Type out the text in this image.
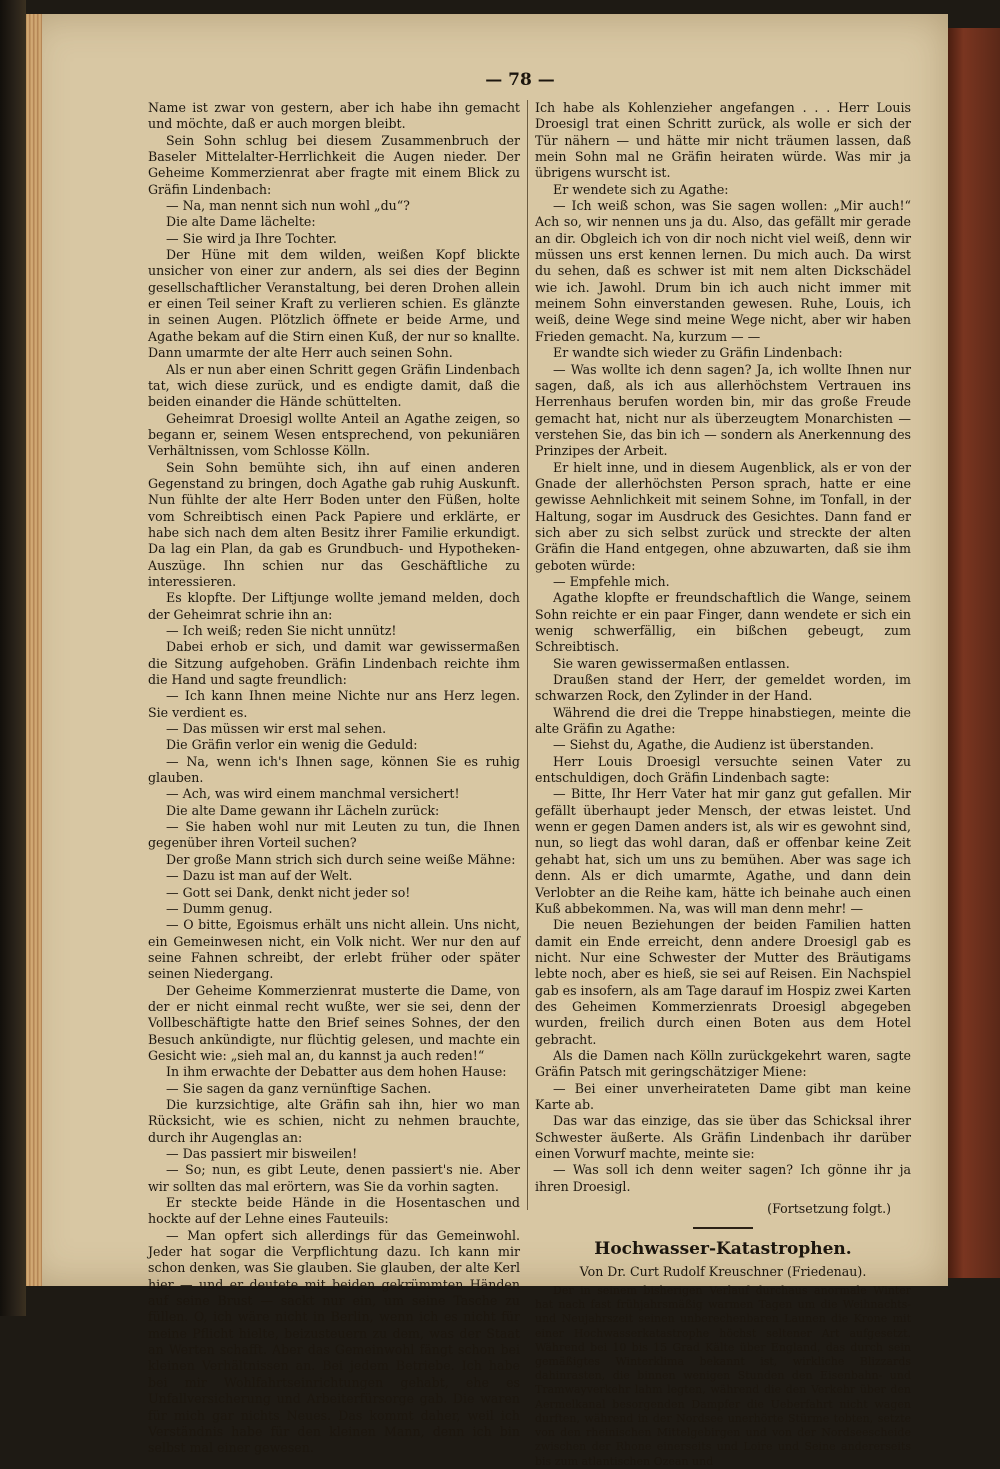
— 78 —

Name ist zwar von gestern, aber ich habe ihn gemacht und möchte, daß er auch morgen bleibt.

Sein Sohn schlug bei diesem Zusammenbruch der Baseler Mittelalter-Herrlichkeit die Augen nieder. Der Geheime Kommerzienrat aber fragte mit einem Blick zu Gräfin Lindenbach:

— Na, man nennt sich nun wohl „du“?

Die alte Dame lächelte:

— Sie wird ja Ihre Tochter.

Der Hüne mit dem wilden, weißen Kopf blickte unsicher von einer zur andern, als sei dies der Beginn gesellschaftlicher Veranstaltung, bei deren Drohen allein er einen Teil seiner Kraft zu verlieren schien. Es glänzte in seinen Augen. Plötzlich öffnete er beide Arme, und Agathe bekam auf die Stirn einen Kuß, der nur so knallte. Dann umarmte der alte Herr auch seinen Sohn.

Als er nun aber einen Schritt gegen Gräfin Lindenbach tat, wich diese zurück, und es endigte damit, daß die beiden einander die Hände schüttelten.

Geheimrat Droesigl wollte Anteil an Agathe zeigen, so begann er, seinem Wesen entsprechend, von pekuniären Verhältnissen, vom Schlosse Kölln.

Sein Sohn bemühte sich, ihn auf einen anderen Gegenstand zu bringen, doch Agathe gab ruhig Auskunft. Nun fühlte der alte Herr Boden unter den Füßen, holte vom Schreibtisch einen Pack Papiere und erklärte, er habe sich nach dem alten Besitz ihrer Familie erkundigt. Da lag ein Plan, da gab es Grundbuch- und Hypotheken-Auszüge. Ihn schien nur das Geschäftliche zu interessieren.

Es klopfte. Der Liftjunge wollte jemand melden, doch der Geheimrat schrie ihn an:

— Ich weiß; reden Sie nicht unnütz!

Dabei erhob er sich, und damit war gewissermaßen die Sitzung aufgehoben. Gräfin Lindenbach reichte ihm die Hand und sagte freundlich:

— Ich kann Ihnen meine Nichte nur ans Herz legen. Sie verdient es.

— Das müssen wir erst mal sehen.

Die Gräfin verlor ein wenig die Geduld:

— Na, wenn ich's Ihnen sage, können Sie es ruhig glauben.

— Ach, was wird einem manchmal versichert!

Die alte Dame gewann ihr Lächeln zurück:

— Sie haben wohl nur mit Leuten zu tun, die Ihnen gegenüber ihren Vorteil suchen?

Der große Mann strich sich durch seine weiße Mähne:

— Dazu ist man auf der Welt.

— Gott sei Dank, denkt nicht jeder so!

— Dumm genug.

— O bitte, Egoismus erhält uns nicht allein. Uns nicht, ein Gemeinwesen nicht, ein Volk nicht. Wer nur den auf seine Fahnen schreibt, der erlebt früher oder später seinen Niedergang.

Der Geheime Kommerzienrat musterte die Dame, von der er nicht einmal recht wußte, wer sie sei, denn der Vollbeschäftigte hatte den Brief seines Sohnes, der den Besuch ankündigte, nur flüchtig gelesen, und machte ein Gesicht wie: „sieh mal an, du kannst ja auch reden!“

In ihm erwachte der Debatter aus dem hohen Hause:

— Sie sagen da ganz vernünftige Sachen.

Die kurzsichtige, alte Gräfin sah ihn, hier wo man Rücksicht, wie es schien, nicht zu nehmen brauchte, durch ihr Augenglas an:

— Das passiert mir bisweilen!

— So; nun, es gibt Leute, denen passiert's nie. Aber wir sollten das mal erörtern, was Sie da vorhin sagten.

Er steckte beide Hände in die Hosentaschen und hockte auf der Lehne eines Fauteuils:

— Man opfert sich allerdings für das Gemeinwohl. Jeder hat sogar die Verpflichtung dazu. Ich kann mir schon denken, was Sie glauben. Sie glauben, der alte Kerl hier — und er deutete mit beiden gekrümmten Händen auf seine Brust — sackt nur ein, um seine Tasche zu füllen. O, ich wäre nicht in Berlin, wenn ich es nicht für meine Pflicht hielte, beizusteuern zu dem, was der Staat an Werten schafft. Aber das Gemeinwohl fängt schon bei kleinen Verhältnissen an. Bei jedem Betriebe. Ich habe bei mir Wohlfahrtseinrichtungen gehabt, ehe es Unfallversicherung und Arbeiterfürsorge gab. Die waren für mich gar nichts Neues. Das kommt daher, weil ich Verständnis habe für den kleinen Mann, denn ich bin selbst mal einer gewesen.

Ich habe als Kohlenzieher angefangen . . . Herr Louis Droesigl trat einen Schritt zurück, als wolle er sich der Tür nähern — und hätte mir nicht träumen lassen, daß mein Sohn mal ne Gräfin heiraten würde. Was mir ja übrigens wurscht ist.

Er wendete sich zu Agathe:

— Ich weiß schon, was Sie sagen wollen: „Mir auch!“ Ach so, wir nennen uns ja du. Also, das gefällt mir gerade an dir. Obgleich ich von dir noch nicht viel weiß, denn wir müssen uns erst kennen lernen. Du mich auch. Da wirst du sehen, daß es schwer ist mit nem alten Dickschädel wie ich. Jawohl. Drum bin ich auch nicht immer mit meinem Sohn einverstanden gewesen. Ruhe, Louis, ich weiß, deine Wege sind meine Wege nicht, aber wir haben Frieden gemacht. Na, kurzum — —

Er wandte sich wieder zu Gräfin Lindenbach:

— Was wollte ich denn sagen? Ja, ich wollte Ihnen nur sagen, daß, als ich aus allerhöchstem Vertrauen ins Herrenhaus berufen worden bin, mir das große Freude gemacht hat, nicht nur als überzeugtem Monarchisten — verstehen Sie, das bin ich — sondern als Anerkennung des Prinzipes der Arbeit.

Er hielt inne, und in diesem Augenblick, als er von der Gnade der allerhöchsten Person sprach, hatte er eine gewisse Aehnlichkeit mit seinem Sohne, im Tonfall, in der Haltung, sogar im Ausdruck des Gesichtes. Dann fand er sich aber zu sich selbst zurück und streckte der alten Gräfin die Hand entgegen, ohne abzuwarten, daß sie ihm geboten würde:

— Empfehle mich.

Agathe klopfte er freundschaftlich die Wange, seinem Sohn reichte er ein paar Finger, dann wendete er sich ein wenig schwerfällig, ein bißchen gebeugt, zum Schreibtisch.

Sie waren gewissermaßen entlassen.

Draußen stand der Herr, der gemeldet worden, im schwarzen Rock, den Zylinder in der Hand.

Während die drei die Treppe hinabstiegen, meinte die alte Gräfin zu Agathe:

— Siehst du, Agathe, die Audienz ist überstanden.

Herr Louis Droesigl versuchte seinen Vater zu entschuldigen, doch Gräfin Lindenbach sagte:

— Bitte, Ihr Herr Vater hat mir ganz gut gefallen. Mir gefällt überhaupt jeder Mensch, der etwas leistet. Und wenn er gegen Damen anders ist, als wir es gewohnt sind, nun, so liegt das wohl daran, daß er offenbar keine Zeit gehabt hat, sich um uns zu bemühen. Aber was sage ich denn. Als er dich umarmte, Agathe, und dann dein Verlobter an die Reihe kam, hätte ich beinahe auch einen Kuß abbekommen. Na, was will man denn mehr! —

Die neuen Beziehungen der beiden Familien hatten damit ein Ende erreicht, denn andere Droesigl gab es nicht. Nur eine Schwester der Mutter des Bräutigams lebte noch, aber es hieß, sie sei auf Reisen. Ein Nachspiel gab es insofern, als am Tage darauf im Hospiz zwei Karten des Geheimen Kommerzienrats Droesigl abgegeben wurden, freilich durch einen Boten aus dem Hotel gebracht.

Als die Damen nach Kölln zurückgekehrt waren, sagte Gräfin Patsch mit geringschätziger Miene:

— Bei einer unverheirateten Dame gibt man keine Karte ab.

Das war das einzige, das sie über das Schicksal ihrer Schwester äußerte. Als Gräfin Lindenbach ihr darüber einen Vorwurf machte, meinte sie:

— Was soll ich denn weiter sagen? Ich gönne ihr ja ihren Droesigl.

(Fortsetzung folgt.)
Hochwasser-Katastrophen.
Von Dr. Curt Rudolf Kreuschner (Friedenau).

Der in seinem bisherigen Verlauf durchaus anormale Winter hat nach fast frühjahrsmäßig warmen Tagen um die Weihnachts- und Neujahrszeit seinen unberechenbaren Launen die Krone mit einer Hochwasserkatastrophe höchst seltener Art aufgesetzt. Während bei 10 bis 15 Grad Kälte über England, das durch sein gemäßigtes Winterklima bekannt ist, wirkliche Blizzards dahinrasten, die binnen wenigen Stunden den Eisenbahn- und Tramwayverkehr lahm legten, während die den Verkehr über den Aermelkanal besorgenden Dampfer die Ueberfahrt nicht wagen durften, während in der Nordsee unerhörte Stürme tobten, setzte von den rheinischen Mittelgebirgen und von der Nordseescheide zwischen der Rhone einerseits und Loire und Seine andererseits bis zum atlantischen Ozean und
